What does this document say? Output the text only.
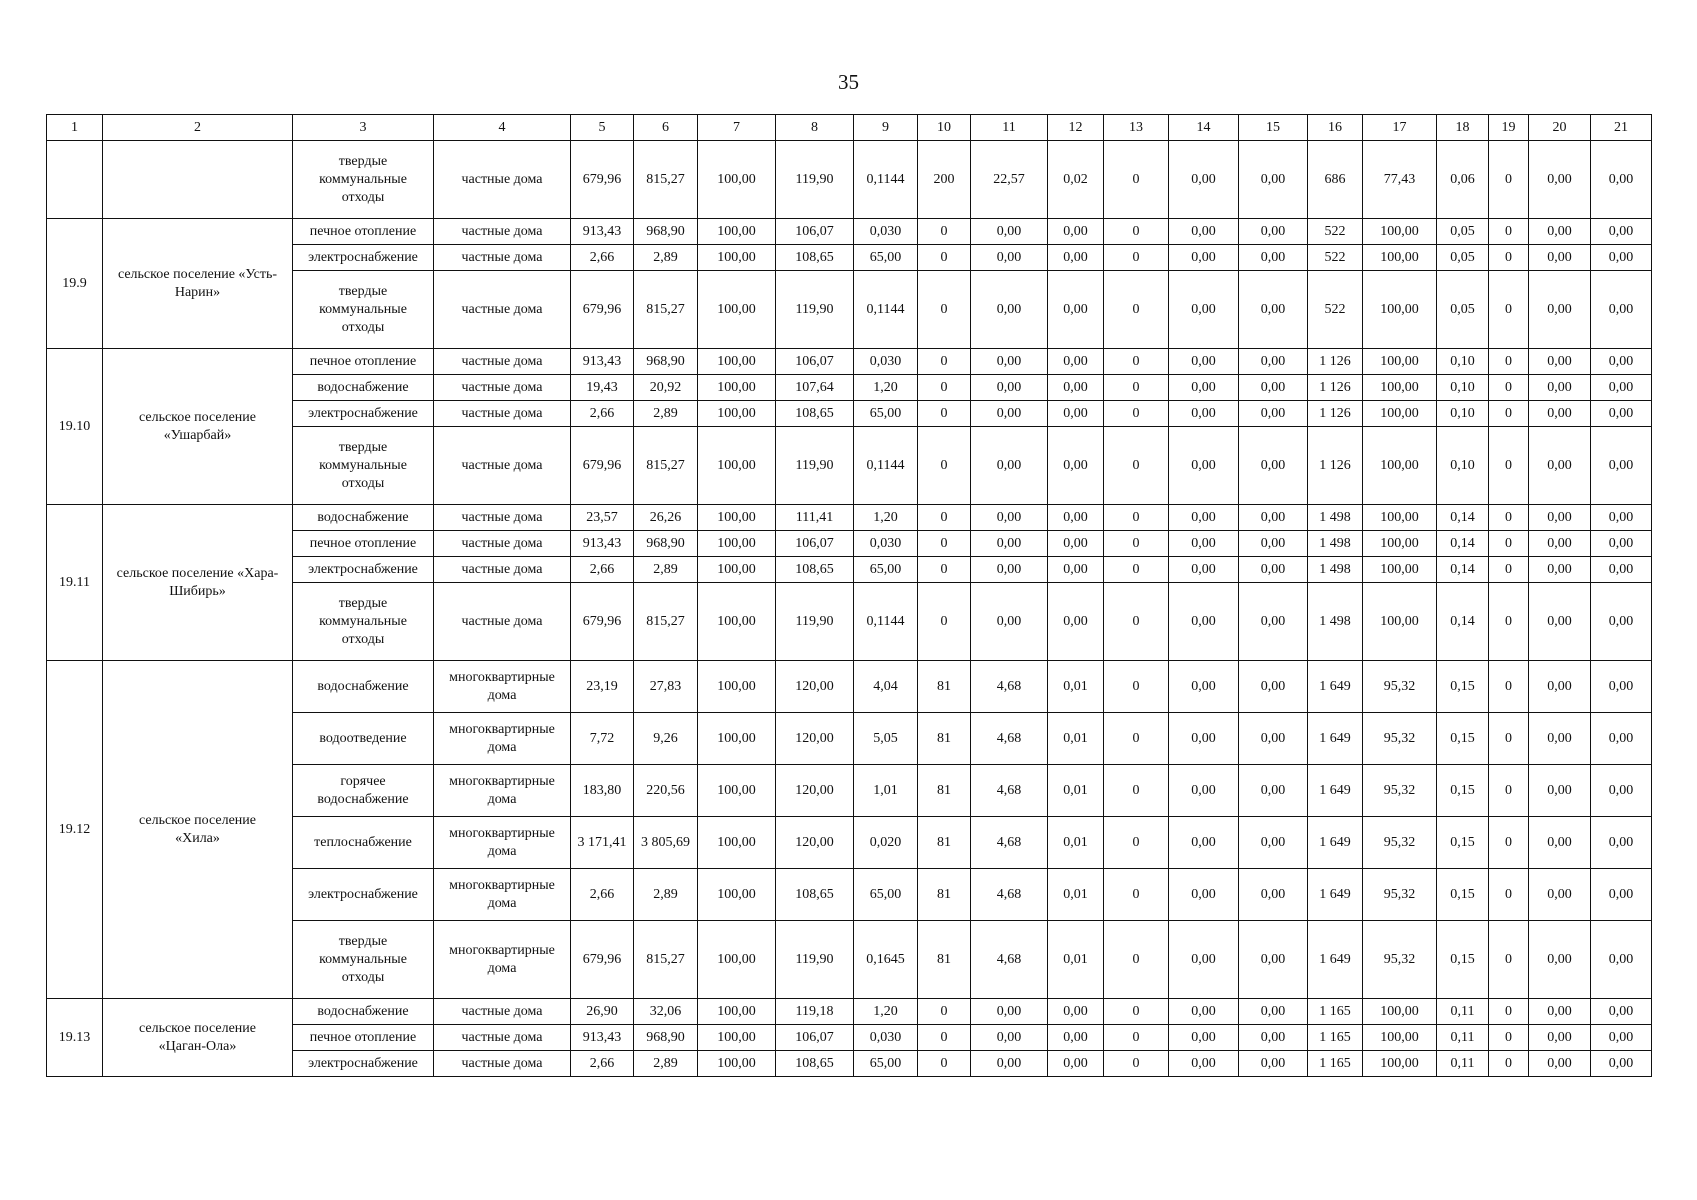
35
1	2	3	4	5	6	7	8	9	10	11	12	13	14	15	16	17	18	19	20	21
		твердые коммунальные отходы	частные дома	679,96	815,27	100,00	119,90	0,1144	200	22,57	0,02	0	0,00	0,00	686	77,43	0,06	0	0,00	0,00
19.9	сельское поселение «Усть-Нарин»	печное отопление	частные дома	913,43	968,90	100,00	106,07	0,030	0	0,00	0,00	0	0,00	0,00	522	100,00	0,05	0	0,00	0,00
		электроснабжение	частные дома	2,66	2,89	100,00	108,65	65,00	0	0,00	0,00	0	0,00	0,00	522	100,00	0,05	0	0,00	0,00
		твердые коммунальные отходы	частные дома	679,96	815,27	100,00	119,90	0,1144	0	0,00	0,00	0	0,00	0,00	522	100,00	0,05	0	0,00	0,00
19.10	сельское поселение «Ушарбай»	печное отопление	частные дома	913,43	968,90	100,00	106,07	0,030	0	0,00	0,00	0	0,00	0,00	1 126	100,00	0,10	0	0,00	0,00
		водоснабжение	частные дома	19,43	20,92	100,00	107,64	1,20	0	0,00	0,00	0	0,00	0,00	1 126	100,00	0,10	0	0,00	0,00
		электроснабжение	частные дома	2,66	2,89	100,00	108,65	65,00	0	0,00	0,00	0	0,00	0,00	1 126	100,00	0,10	0	0,00	0,00
		твердые коммунальные отходы	частные дома	679,96	815,27	100,00	119,90	0,1144	0	0,00	0,00	0	0,00	0,00	1 126	100,00	0,10	0	0,00	0,00
19.11	сельское поселение «Хара-Шибирь»	водоснабжение	частные дома	23,57	26,26	100,00	111,41	1,20	0	0,00	0,00	0	0,00	0,00	1 498	100,00	0,14	0	0,00	0,00
		печное отопление	частные дома	913,43	968,90	100,00	106,07	0,030	0	0,00	0,00	0	0,00	0,00	1 498	100,00	0,14	0	0,00	0,00
		электроснабжение	частные дома	2,66	2,89	100,00	108,65	65,00	0	0,00	0,00	0	0,00	0,00	1 498	100,00	0,14	0	0,00	0,00
		твердые коммунальные отходы	частные дома	679,96	815,27	100,00	119,90	0,1144	0	0,00	0,00	0	0,00	0,00	1 498	100,00	0,14	0	0,00	0,00
19.12	сельское поселение «Хила»	водоснабжение	многоквартирные дома	23,19	27,83	100,00	120,00	4,04	81	4,68	0,01	0	0,00	0,00	1 649	95,32	0,15	0	0,00	0,00
		водоотведение	многоквартирные дома	7,72	9,26	100,00	120,00	5,05	81	4,68	0,01	0	0,00	0,00	1 649	95,32	0,15	0	0,00	0,00
		горячее водоснабжение	многоквартирные дома	183,80	220,56	100,00	120,00	1,01	81	4,68	0,01	0	0,00	0,00	1 649	95,32	0,15	0	0,00	0,00
		теплоснабжение	многоквартирные дома	3 171,41	3 805,69	100,00	120,00	0,020	81	4,68	0,01	0	0,00	0,00	1 649	95,32	0,15	0	0,00	0,00
		электроснабжение	многоквартирные дома	2,66	2,89	100,00	108,65	65,00	81	4,68	0,01	0	0,00	0,00	1 649	95,32	0,15	0	0,00	0,00
		твердые коммунальные отходы	многоквартирные дома	679,96	815,27	100,00	119,90	0,1645	81	4,68	0,01	0	0,00	0,00	1 649	95,32	0,15	0	0,00	0,00
19.13	сельское поселение «Цаган-Ола»	водоснабжение	частные дома	26,90	32,06	100,00	119,18	1,20	0	0,00	0,00	0	0,00	0,00	1 165	100,00	0,11	0	0,00	0,00
		печное отопление	частные дома	913,43	968,90	100,00	106,07	0,030	0	0,00	0,00	0	0,00	0,00	1 165	100,00	0,11	0	0,00	0,00
		электроснабжение	частные дома	2,66	2,89	100,00	108,65	65,00	0	0,00	0,00	0	0,00	0,00	1 165	100,00	0,11	0	0,00	0,00
